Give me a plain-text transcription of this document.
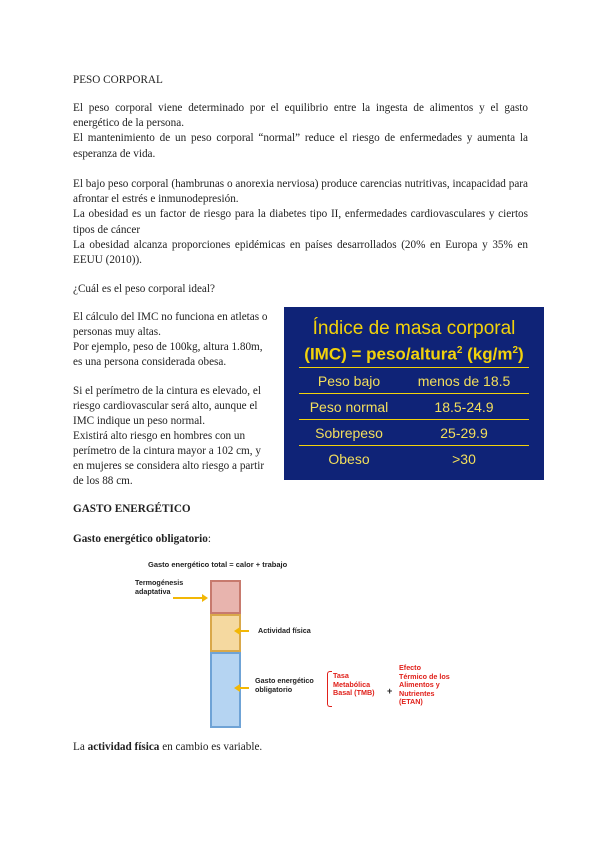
PESO CORPORAL

El peso corporal viene determinado por el equilibrio entre la ingesta de alimentos y el gasto energético de la persona.

El mantenimiento de un peso corporal “normal” reduce el riesgo de enfermedades y aumenta la esperanza de vida.

El bajo peso corporal (hambrunas o anorexia nerviosa) produce carencias nutritivas, incapacidad para afrontar el estrés e inmunodepresión.

La obesidad es un factor de riesgo para la diabetes tipo II, enfermedades cardiovasculares y ciertos tipos de cáncer

La obesidad alcanza proporciones epidémicas en países desarrollados (20% en Europa y 35% en EEUU (2010)).

¿Cuál es el peso corporal ideal?
El cálculo del IMC no funciona en atletas o
personas muy altas.
Por ejemplo, peso de 100kg, altura 1.80m,
es una persona considerada obesa.
Si el perímetro de la cintura es elevado, el
riesgo cardiovascular será alto, aunque el
IMC indique un peso normal.
Existirá alto riesgo en hombres con un
perímetro de la cintura mayor a 102 cm, y
en mujeres se considera alto riesgo a partir
de los 88 cm.
Índice de masa corporal
(IMC) = peso/altura$^2$ $(kg/m^2)$
Peso bajo	menos de 18.5
Peso normal	18.5-24.9
Sobrepeso	25-29.9
Obeso	>30
GASTO ENERGÉTICO
Gasto energético obligatorio:
Gasto energético total = calor + trabajo
Termogénesis
adaptativa
Actividad física
Gasto energético
obligatorio
Tasa
Metabólica
Basal (TMB) +
Efecto
Térmico de los
Alimentos y
Nutrientes
(ETAN)
La actividad física en cambio es variable.
